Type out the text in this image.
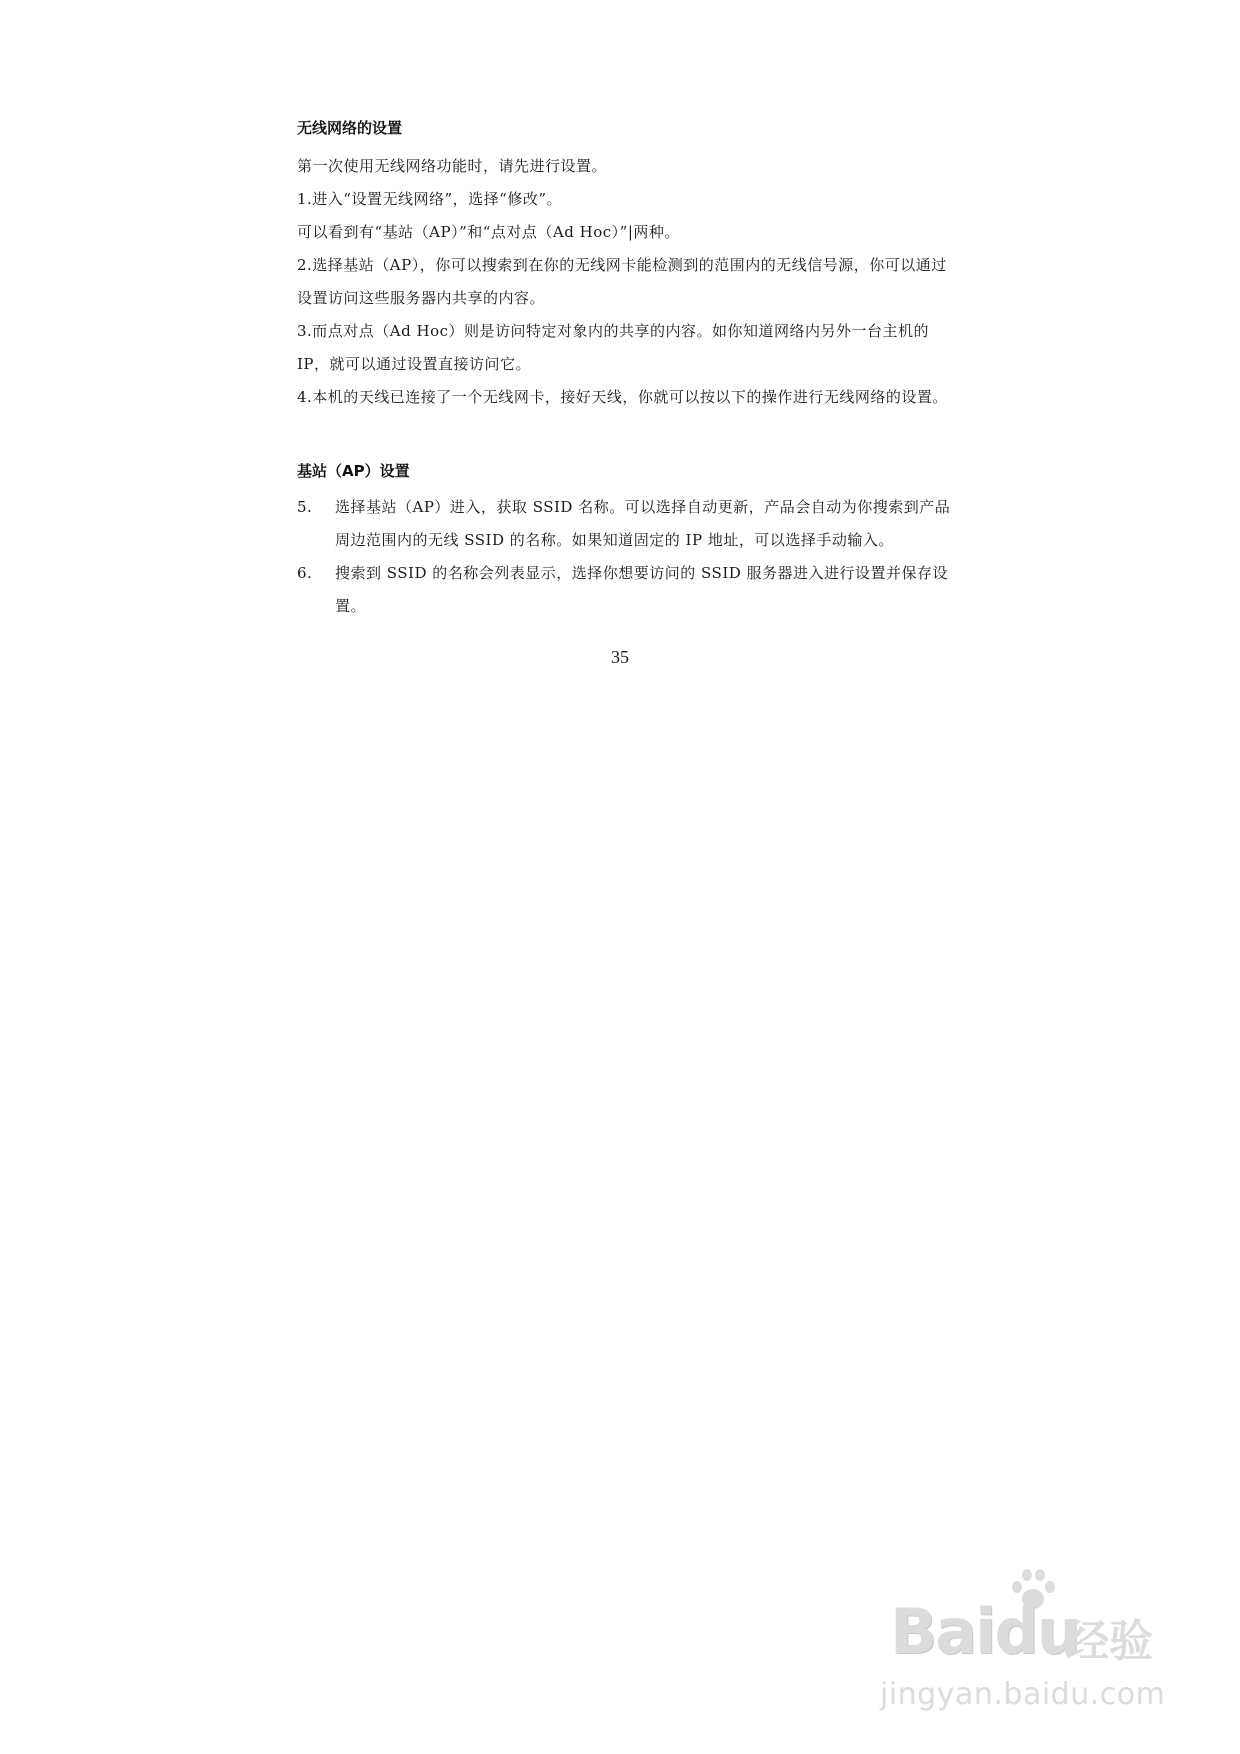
无线网络的设置

第一次使用无线网络功能时，请先进行设置。

1.进入“设置无线网络”，选择“修改”。

可以看到有“基站（AP）”和“点对点（Ad Hoc）”|两种。

2.选择基站（AP），你可以搜索到在你的无线网卡能检测到的范围内的无线信号源，你可以通过设置访问这些服务器内共享的内容。

3.而点对点（Ad Hoc）则是访问特定对象内的共享的内容。如你知道网络内另外一台主机的 IP，就可以通过设置直接访问它。

4.本机的天线已连接了一个无线网卡，接好天线，你就可以按以下的操作进行无线网络的设置。

基站（AP）设置
5.	选择基站（AP）进入，获取 SSID 名称。可以选择自动更新，产品会自动为你搜索到产品周边范围内的无线 SSID 的名称。如果知道固定的 IP 地址，可以选择手动输入。
6.	搜索到 SSID 的名称会列表显示，选择你想要访问的 SSID 服务器进入进行设置并保存设置。
35
Baidu
经验
jingyan.baidu.com
